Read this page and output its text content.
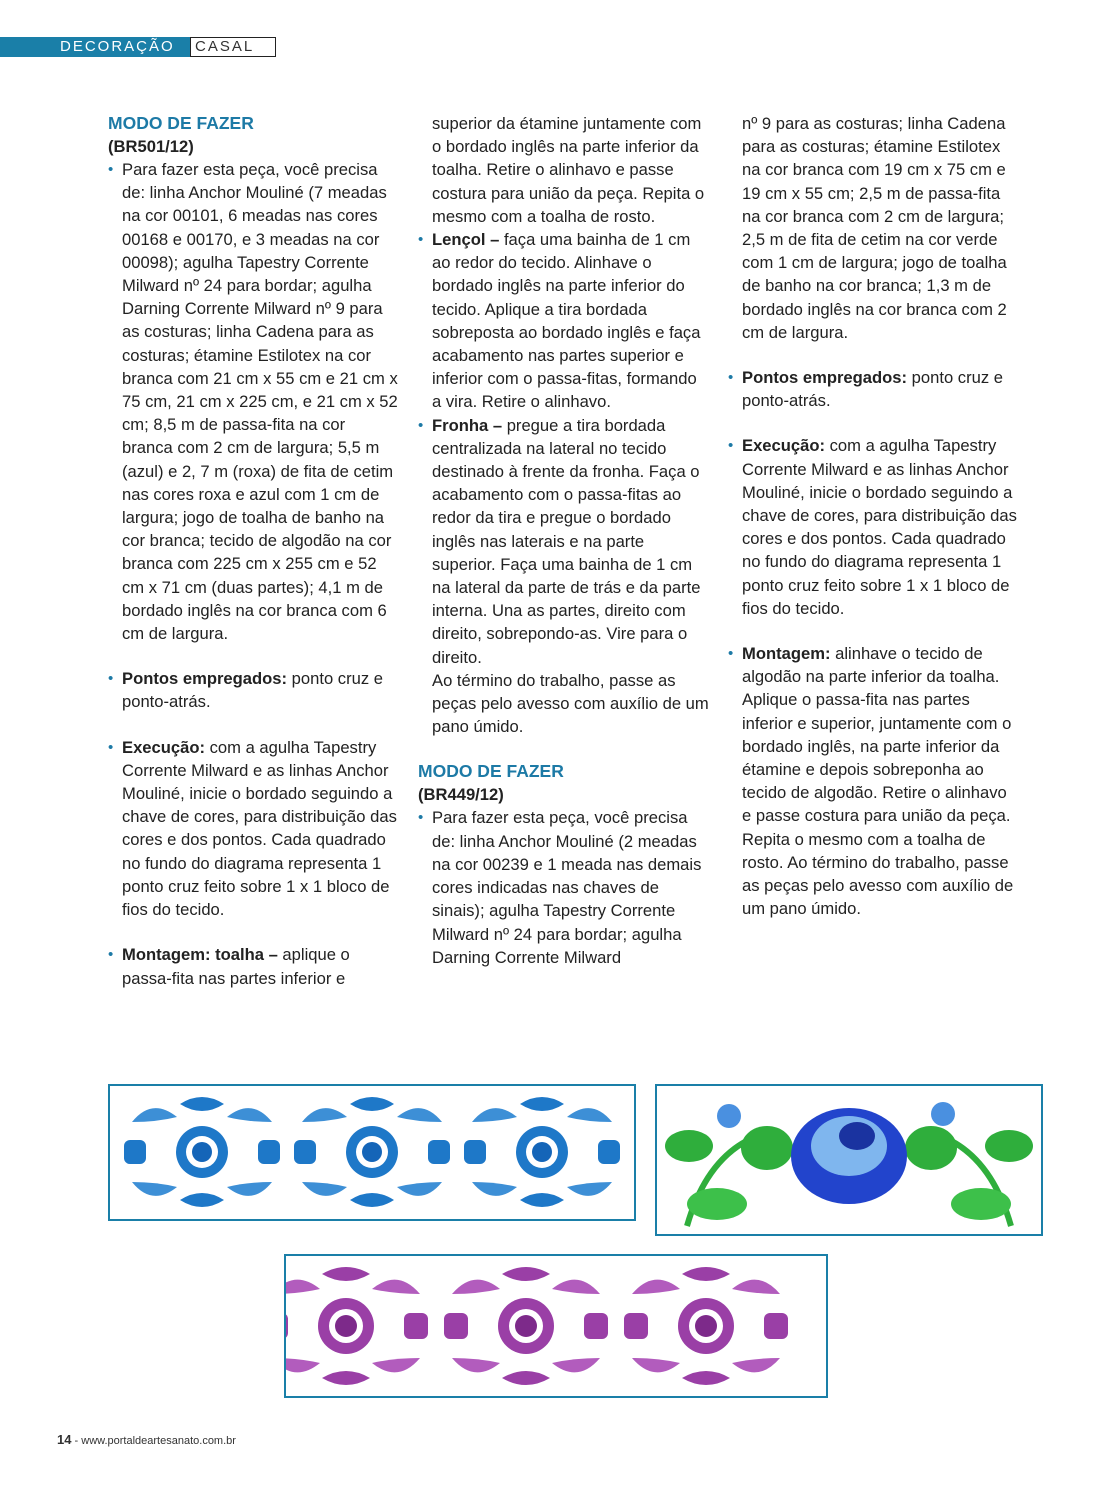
DECORAÇÃO	CASAL

MODO DE FAZER

(BR501/12)

• Para fazer esta peça, você precisa de: linha Anchor Mouliné (7 meadas na cor 00101, 6 meadas nas cores 00168 e 00170, e 3 meadas na cor 00098); agulha Tapestry Corrente Milward nº 24 para bordar; agulha Darning Corrente Milward nº 9 para as costuras; linha Cadena para as costuras; étamine Estilotex na cor branca com 21 cm x 55 cm e 21 cm x 75 cm, 21 cm x 225 cm, e 21 cm x 52 cm; 8,5 m de passa-fita na cor branca com 2 cm de largura; 5,5 m (azul) e 2, 7 m (roxa) de fita de cetim nas cores roxa e azul com 1 cm de largura; jogo de toalha de banho na cor branca; tecido de algodão na cor branca com 225 cm x 255 cm e 52 cm x 71 cm (duas partes); 4,1 m de bordado inglês na cor branca com 6 cm de largura.

• Pontos empregados: ponto cruz e ponto-atrás.

• Execução: com a agulha Tapestry Corrente Milward e as linhas Anchor Mouliné, inicie o bordado seguindo a chave de cores, para distribuição das cores e dos pontos. Cada quadrado no fundo do diagrama representa 1 ponto cruz feito sobre 1 x 1 bloco de fios do tecido.

• Montagem: toalha – aplique o passa-fita nas partes inferior e

superior da étamine juntamente com o bordado inglês na parte inferior da toalha. Retire o alinhavo e passe costura para união da peça. Repita o mesmo com a toalha de rosto.

• Lençol – faça uma bainha de 1 cm ao redor do tecido. Alinhave o bordado inglês na parte inferior do tecido. Aplique a tira bordada sobreposta ao bordado inglês e faça acabamento nas partes superior e inferior com o passa-fitas, formando a vira. Retire o alinhavo.

• Fronha – pregue a tira bordada centralizada na lateral no tecido destinado à frente da fronha. Faça o acabamento com o passa-fitas ao redor da tira e pregue o bordado inglês nas laterais e na parte superior. Faça uma bainha de 1 cm na lateral da parte de trás e da parte interna. Una as partes, direito com direito, sobrepondo-as. Vire para o direito.

Ao término do trabalho, passe as peças pelo avesso com auxílio de um pano úmido.

MODO DE FAZER

(BR449/12)

• Para fazer esta peça, você precisa de: linha Anchor Mouliné (2 meadas na cor 00239 e 1 meada nas demais cores indicadas nas chaves de sinais); agulha Tapestry Corrente Milward nº 24 para bordar; agulha Darning Corrente Milward

nº 9 para as costuras; linha Cadena para as costuras; étamine Estilotex na cor branca com 19 cm x 75 cm e 19 cm x 55 cm; 2,5 m de passa-fita na cor branca com 2 cm de largura; 2,5 m de fita de cetim na cor verde com 1 cm de largura; jogo de toalha de banho na cor branca; 1,3 m de bordado inglês na cor branca com 2 cm de largura.

• Pontos empregados: ponto cruz e ponto-atrás.

• Execução: com a agulha Tapestry Corrente Milward e as linhas Anchor Mouliné, inicie o bordado seguindo a chave de cores, para distribuição das cores e dos pontos. Cada quadrado no fundo do diagrama representa 1 ponto cruz feito sobre 1 x 1 bloco de fios do tecido.

• Montagem: alinhave o tecido de algodão na parte inferior da toalha. Aplique o passa-fita nas partes inferior e superior, juntamente com o bordado inglês, na parte inferior da étamine e depois sobreponha ao tecido de algodão. Retire o alinhavo e passe costura para união da peça. Repita o mesmo com a toalha de rosto. Ao término do trabalho, passe as peças pelo avesso com auxílio de um pano úmido.

14 - www.portaldeartesanato.com.br
